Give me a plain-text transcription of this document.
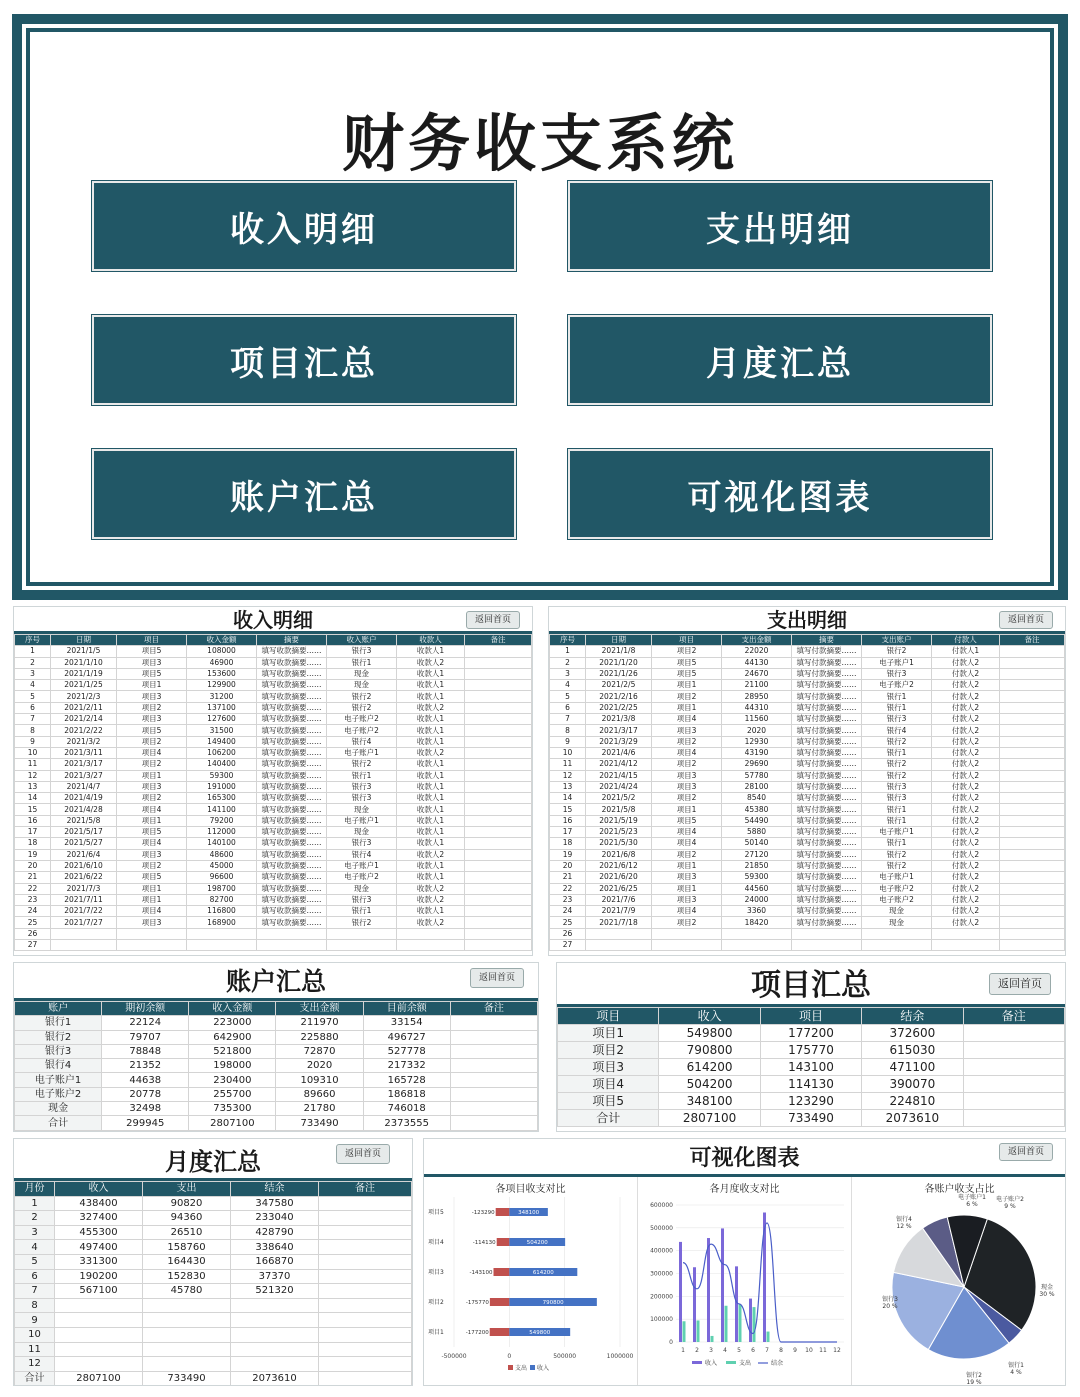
财务收支系统
收入明细	支出明细
项目汇总	月度汇总
账户汇总	可视化图表
收入明细	返回首页
序号	日期	项目	收入金额	摘要	收入账户	收款人	备注
1	2021/1/5	项目5	108000	填写收款摘要……	银行3	收款人1	
2	2021/1/10	项目3	46900	填写收款摘要……	银行1	收款人2	
3	2021/1/19	项目5	153600	填写收款摘要……	现金	收款人1	
4	2021/1/25	项目1	129900	填写收款摘要……	现金	收款人1	
5	2021/2/3	项目3	31200	填写收款摘要……	银行2	收款人1	
6	2021/2/11	项目2	137100	填写收款摘要……	银行2	收款人2	
7	2021/2/14	项目3	127600	填写收款摘要……	电子账户2	收款人1	
8	2021/2/22	项目5	31500	填写收款摘要……	电子账户2	收款人1	
9	2021/3/2	项目2	149400	填写收款摘要……	银行4	收款人1	
10	2021/3/11	项目4	106200	填写收款摘要……	电子账户1	收款人2	
11	2021/3/17	项目2	140400	填写收款摘要……	银行2	收款人1	
12	2021/3/27	项目1	59300	填写收款摘要……	银行1	收款人1	
13	2021/4/7	项目3	191000	填写收款摘要……	银行3	收款人1	
14	2021/4/19	项目2	165300	填写收款摘要……	银行3	收款人1	
15	2021/4/28	项目4	141100	填写收款摘要……	现金	收款人1	
16	2021/5/8	项目1	79200	填写收款摘要……	电子账户1	收款人1	
17	2021/5/17	项目5	112000	填写收款摘要……	现金	收款人1	
18	2021/5/27	项目4	140100	填写收款摘要……	银行3	收款人1	
19	2021/6/4	项目3	48600	填写收款摘要……	银行4	收款人2	
20	2021/6/10	项目2	45000	填写收款摘要……	电子账户1	收款人1	
21	2021/6/22	项目5	96600	填写收款摘要……	电子账户2	收款人1	
22	2021/7/3	项目1	198700	填写收款摘要……	现金	收款人2	
23	2021/7/11	项目1	82700	填写收款摘要……	银行3	收款人2	
24	2021/7/22	项目4	116800	填写收款摘要……	银行1	收款人1	
25	2021/7/27	项目3	168900	填写收款摘要……	银行2	收款人2	
26							
27							
支出明细	返回首页
序号	日期	项目	支出金额	摘要	支出账户	付款人	备注
1	2021/1/8	项目2	22020	填写付款摘要……	银行2	付款人1	
2	2021/1/20	项目5	44130	填写付款摘要……	电子账户1	付款人2	
3	2021/1/26	项目5	24670	填写付款摘要……	银行3	付款人2	
4	2021/2/5	项目1	21100	填写付款摘要……	电子账户2	付款人2	
5	2021/2/16	项目2	28950	填写付款摘要……	银行1	付款人2	
6	2021/2/25	项目1	44310	填写付款摘要……	银行1	付款人2	
7	2021/3/8	项目4	11560	填写付款摘要……	银行3	付款人2	
8	2021/3/17	项目3	2020	填写付款摘要……	银行4	付款人2	
9	2021/3/29	项目2	12930	填写付款摘要……	银行2	付款人2	
10	2021/4/6	项目4	43190	填写付款摘要……	银行1	付款人2	
11	2021/4/12	项目2	29690	填写付款摘要……	银行2	付款人2	
12	2021/4/15	项目3	57780	填写付款摘要……	银行2	付款人2	
13	2021/4/24	项目3	28100	填写付款摘要……	银行3	付款人2	
14	2021/5/2	项目2	8540	填写付款摘要……	银行3	付款人2	
15	2021/5/8	项目1	45380	填写付款摘要……	银行1	付款人2	
16	2021/5/19	项目5	54490	填写付款摘要……	银行1	付款人2	
17	2021/5/23	项目4	5880	填写付款摘要……	电子账户1	付款人2	
18	2021/5/30	项目4	50140	填写付款摘要……	银行1	付款人2	
19	2021/6/8	项目2	27120	填写付款摘要……	银行2	付款人2	
20	2021/6/12	项目1	21850	填写付款摘要……	银行2	付款人2	
21	2021/6/20	项目3	59300	填写付款摘要……	电子账户1	付款人2	
22	2021/6/25	项目1	44560	填写付款摘要……	电子账户2	付款人2	
23	2021/7/6	项目3	24000	填写付款摘要……	电子账户2	付款人2	
24	2021/7/9	项目4	3360	填写付款摘要……	现金	付款人2	
25	2021/7/18	项目2	18420	填写付款摘要……	现金	付款人2	
26							
27							
账户汇总	返回首页
账户	期初余额	收入金额	支出金额	目前余额	备注
银行1	22124	223000	211970	33154	
银行2	79707	642900	225880	496727	
银行3	78848	521800	72870	527778	
银行4	21352	198000	2020	217332	
电子账户1	44638	230400	109310	165728	
电子账户2	20778	255700	89660	186818	
现金	32498	735300	21780	746018	
合计	299945	2807100	733490	2373555	
项目汇总	返回首页
项目	收入	项目	结余	备注
项目1	549800	177200	372600	
项目2	790800	175770	615030	
项目3	614200	143100	471100	
项目4	504200	114130	390070	
项目5	348100	123290	224810	
合计	2807100	733490	2073610	
月度汇总	返回首页
月份	收入	支出	结余	备注
1	438400	90820	347580	
2	327400	94360	233040	
3	455300	26510	428790	
4	497400	158760	338640	
5	331300	164430	166870	
6	190200	152830	37370	
7	567100	45780	521320	
8				
9				
10				
11				
12				
合计	2807100	733490	2073610	
可视化图表	返回首页
各项目收支对比
-500000	0	500000	1000000
项目5	-123290	348100
项目4	-114130	504200
项目3	-143100	614200
项目2	-175770	790800
项目1	-177200	549800
支出 收入
各月度收支对比
0
100000
200000
300000
400000
500000
600000
1 2 3 4 5 6 7 8 9 10 11 12
收入	支出	结余
各账户收支占比
现金
30 %
银行1
4 %
银行2
19 %
银行3
20 %
银行4
12 %
电子账户1
6 %
电子账户2
9 %
